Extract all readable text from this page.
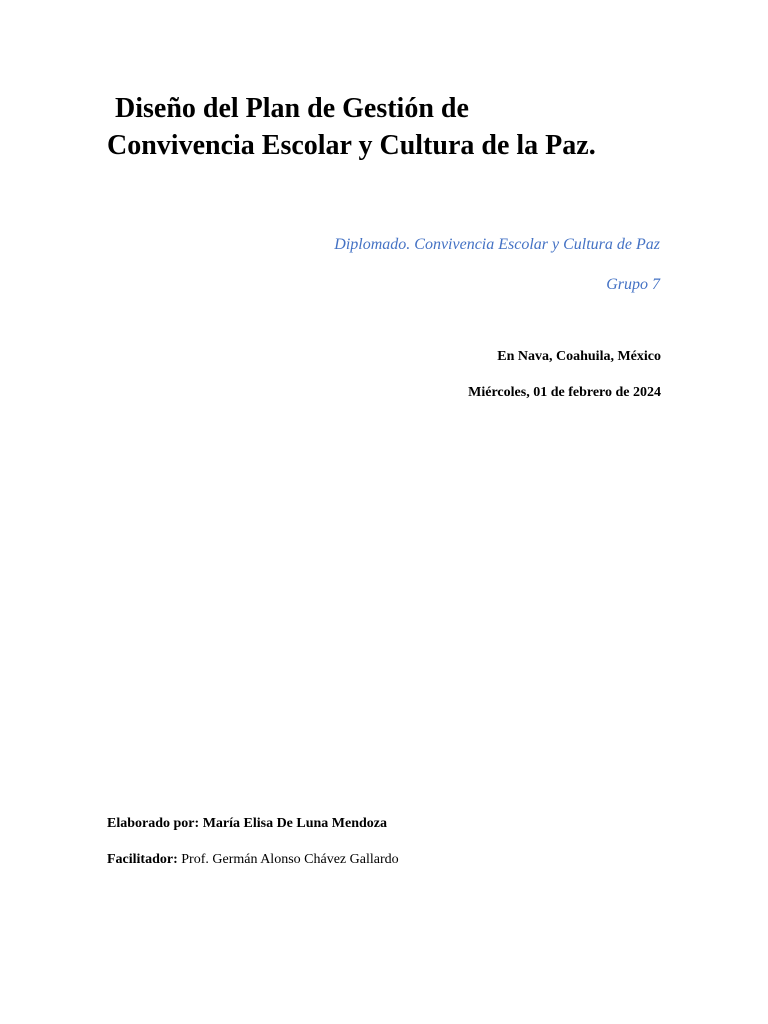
Diseño del Plan de Gestión de
Convivencia Escolar y Cultura de la Paz.
Diplomado. Convivencia Escolar y Cultura de Paz
Grupo 7
En Nava, Coahuila, México
Miércoles, 01 de febrero de 2024
Elaborado por: María Elisa De Luna Mendoza
Facilitador: Prof. Germán Alonso Chávez Gallardo
